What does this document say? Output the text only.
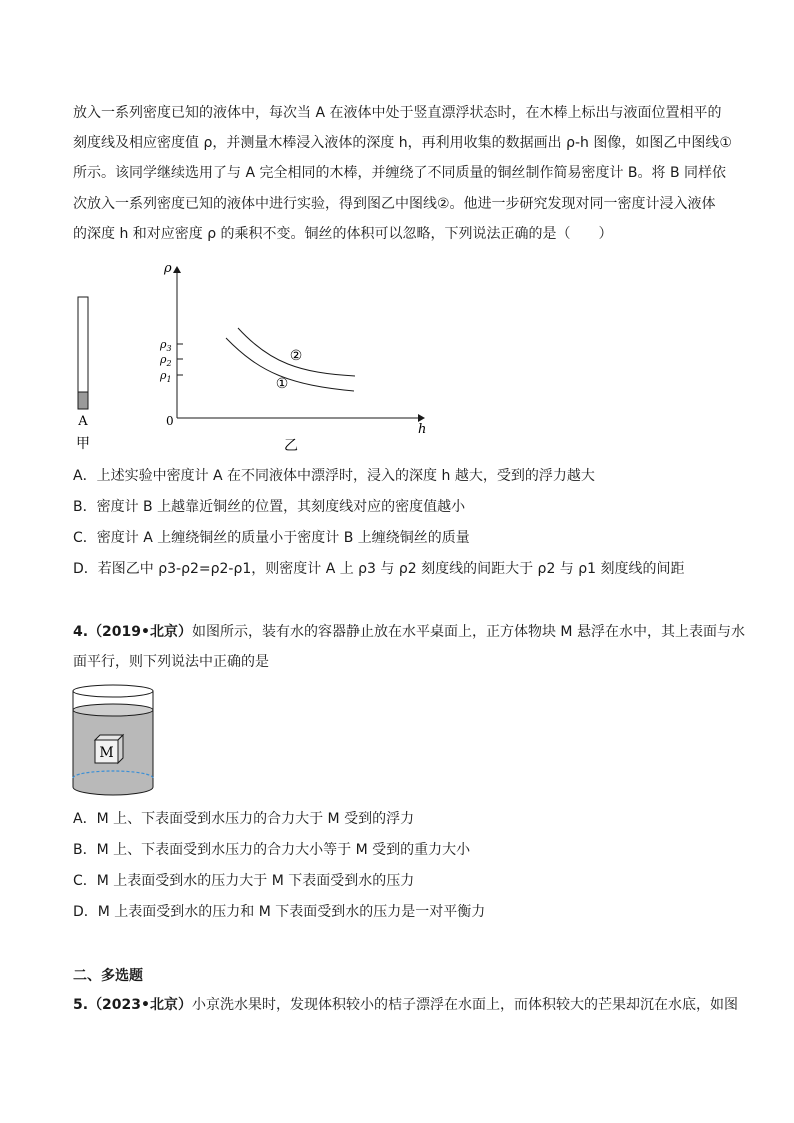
放入一系列密度已知的液体中，每次当 A 在液体中处于竖直漂浮状态时，在木棒上标出与液面位置相平的
刻度线及相应密度值 ρ，并测量木棒浸入液体的深度 h，再利用收集的数据画出 ρ-h 图像，如图乙中图线①
所示。该同学继续选用了与 A 完全相同的木棒，并缠绕了不同质量的铜丝制作简易密度计 B。将 B 同样依
次放入一系列密度已知的液体中进行实验，得到图乙中图线②。他进一步研究发现对同一密度计浸入液体
的深度 h 和对应密度 ρ 的乘积不变。铜丝的体积可以忽略，下列说法正确的是（　　）
A
甲
ρ
h
0
$\rho_3$
$\rho_2$
$\rho_1$
②
①
乙
A．上述实验中密度计 A 在不同液体中漂浮时，浸入的深度 h 越大，受到的浮力越大
B．密度计 B 上越靠近铜丝的位置，其刻度线对应的密度值越小
C．密度计 A 上缠绕铜丝的质量小于密度计 B 上缠绕铜丝的质量
D．若图乙中 ρ3-ρ2=ρ2-ρ1，则密度计 A 上 ρ3 与 ρ2 刻度线的间距大于 ρ2 与 ρ1 刻度线的间距
4.（2019•北京）如图所示，装有水的容器静止放在水平桌面上，正方体物块 M 悬浮在水中，其上表面与水
面平行，则下列说法中正确的是
M
A．M 上、下表面受到水压力的合力大于 M 受到的浮力
B．M 上、下表面受到水压力的合力大小等于 M 受到的重力大小
C．M 上表面受到水的压力大于 M 下表面受到水的压力
D．M 上表面受到水的压力和 M 下表面受到水的压力是一对平衡力
二、多选题
5.（2023•北京）小京洗水果时，发现体积较小的桔子漂浮在水面上，而体积较大的芒果却沉在水底，如图
